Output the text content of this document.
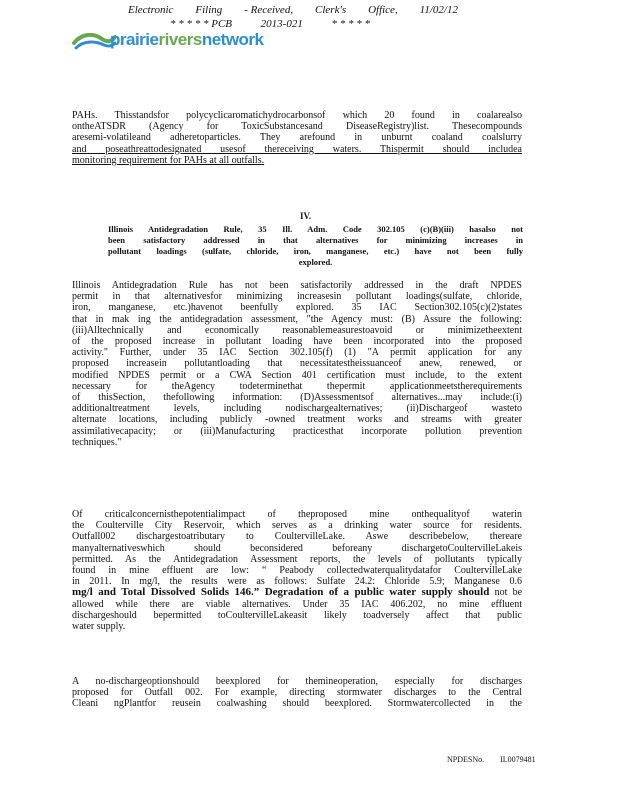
Electronic Filing - Received, Clerk's Office, 11/02/12
* * * * * PCB	2013-021	* * * * *
prairieriversnetwork

PAHs. Thisstandsfor polycyclicaromatichydrocarbonsof which 20 found in coalarealso

ontheATSDR (Agency for ToxicSubstancesand DiseaseRegistry)list. Thesecompounds

aresemi-volatileand adheretoparticles. They arefound in unburnt coaland coalslurry

and poseathreattodesignated usesof thereceiving waters. Thispermit should includea

monitoring requirement for PAHs at all outfalls.

IV.

Illinois Antidegradation Rule, 35 Ill. Adm. Code 302.105 (c)(B)(iii) hasalso not

been satisfactory addressed in that alternatives for minimizing increases in

pollutant loadings (sulfate, chloride, iron, manganese, etc.) have not been fully

explored.

Illinois Antidegradation Rule has not been satisfactorily addressed in the draft NPDES

permit in that alternativesfor minimizing increasesin pollutant loadings(sulfate, chloride,

iron, manganese, etc.)havenot beenfully explored. 35 IAC Section302.105(c)(2)states

that in mak ing the antidegradation assessment, "the Agency must: (B) Assure the following:

(iii)Alltechnically and economically reasonablemeasurestoavoid or minimizetheextent

of the proposed increase in pollutant loading have been incorporated into the proposed

activity." Further, under 35 IAC Section 302.105(f) (1) "A permit application for any

proposed increasein pollutantloading that necessitatestheissuanceof anew, renewed, or

modified NPDES permit or a CWA Section 401 certification must include, to the extent

necessary for theAgency todeterminethat thepermit applicationmeetstherequirements

of thisSection, thefollowing information: (D)Assessmentsof alternatives...may include:(i)

additionaltreatment levels, including nodischargealternatives; (ii)Dischargeof wasteto

alternate locations, including publicly -owned treatment works and streams with greater

assimilativecapacity; or (iii)Manufacturing practicesthat incorporate pollution prevention

techniques."

Of criticalconcernisthepotentialimpact of theproposed mine onthequalityof waterin

the Coulterville City Reservoir, which serves as a drinking water source for residents.

Outfall002 dischargestoatributary to CoultervilleLake. Aswe describebelow, thereare

manyalternativeswhich should beconsidered beforeany dischargetoCoultervilleLakeis

permitted. As the Antidegradation Assessment reports, the levels of pollutants typically

found in mine effluent are low: “ Peabody collectedwaterqualitydatafor CoultervilleLake

in 2011. In mg/l, the results were as follows: Sulfate 24.2: Chloride 5.9; Manganese 0.6

mg/l and Total Dissolved Solids 146.” Degradation of a public water supply should not be

allowed while there are viable alternatives. Under 35 IAC 406.202, no mine effluent

dischargeshould bepermitted toCoultervilleLakeasit likely toadversely affect that public

water supply.

A no-dischargeoptionshould beexplored for themineoperation, especially for discharges

proposed for Outfall 002. For example, directing stormwater discharges to the Central

Cleani ngPlantfor reusein coalwashing should beexplored. Stormwatercollected in the

NPDESNo. IL0079481
